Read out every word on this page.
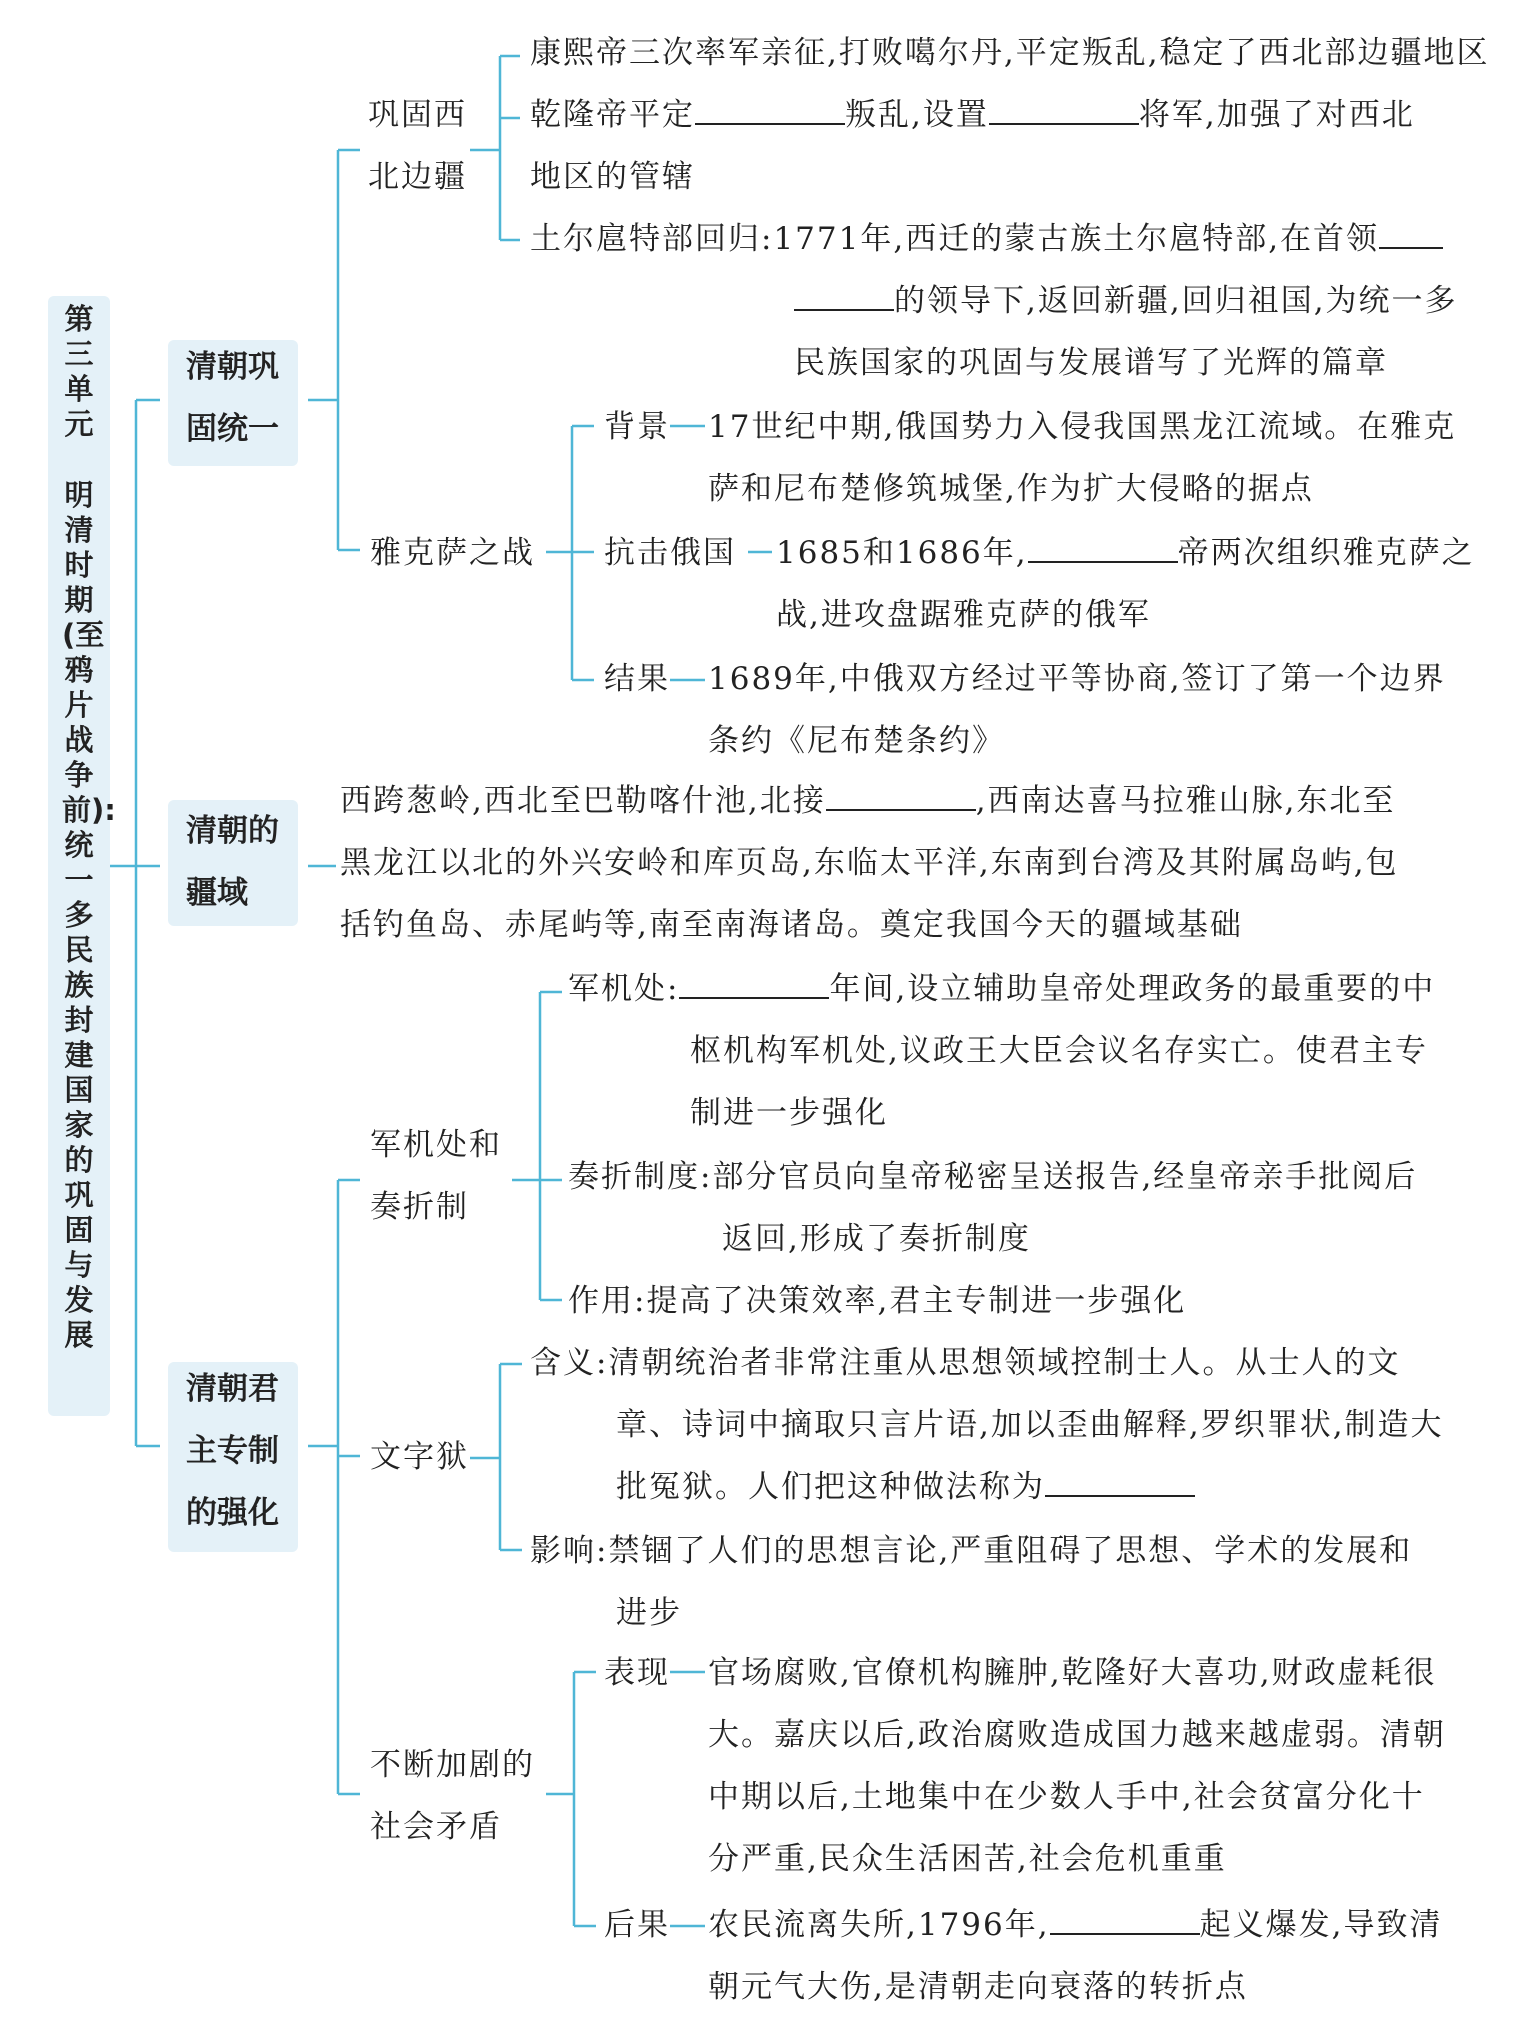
第三单元
明清时期(至鸦片战争前):统一多民族封建国家的巩固与发展
清朝巩
固统一
清朝的
疆域
清朝君
主专制
的强化
巩固西
北边疆
康熙帝三次率军亲征,打败噶尔丹,平定叛乱,稳定了西北部边疆地区
乾隆帝平定	叛乱,设置	将军,加强了对西北
地区的管辖
土尔扈特部回归:1771年,西迁的蒙古族土尔扈特部,在首领
的领导下,返回新疆,回归祖国,为统一多
民族国家的巩固与发展谱写了光辉的篇章
雅克萨之战
背景 17世纪中期,俄国势力入侵我国黑龙江流域。在雅克
萨和尼布楚修筑城堡,作为扩大侵略的据点
抗击俄国 1685和1686年,	帝两次组织雅克萨之
战,进攻盘踞雅克萨的俄军
结果 1689年,中俄双方经过平等协商,签订了第一个边界
条约《尼布楚条约》
西跨葱岭,西北至巴勒喀什池,北接	,西南达喜马拉雅山脉,东北至
黑龙江以北的外兴安岭和库页岛,东临太平洋,东南到台湾及其附属岛屿,包
括钓鱼岛、赤尾屿等,南至南海诸岛。奠定我国今天的疆域基础
军机处和
奏折制
军机处:	年间,设立辅助皇帝处理政务的最重要的中
枢机构军机处,议政王大臣会议名存实亡。使君主专
制进一步强化
奏折制度:部分官员向皇帝秘密呈送报告,经皇帝亲手批阅后
返回,形成了奏折制度
作用:提高了决策效率,君主专制进一步强化
文字狱
含义:清朝统治者非常注重从思想领域控制士人。从士人的文
章、诗词中摘取只言片语,加以歪曲解释,罗织罪状,制造大
批冤狱。人们把这种做法称为
影响:禁锢了人们的思想言论,严重阻碍了思想、学术的发展和
进步
不断加剧的
社会矛盾
表现 官场腐败,官僚机构臃肿,乾隆好大喜功,财政虚耗很
大。嘉庆以后,政治腐败造成国力越来越虚弱。清朝
中期以后,土地集中在少数人手中,社会贫富分化十
分严重,民众生活困苦,社会危机重重
后果 农民流离失所,1796年,	起义爆发,导致清
朝元气大伤,是清朝走向衰落的转折点
